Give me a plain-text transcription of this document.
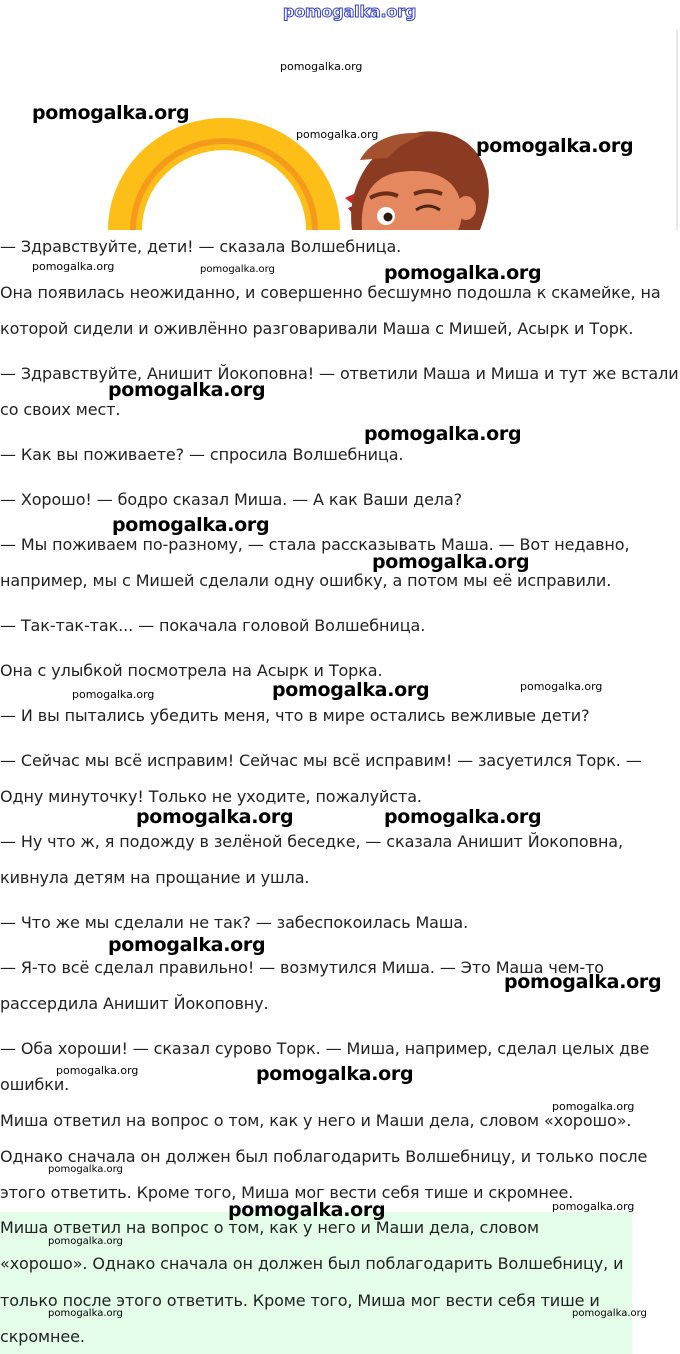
pomogalka.org
— Здравствуйте, дети! — сказала Волшебница.
Она появилась неожиданно, и совершенно бесшумно подошла к скамейке, на
которой сидели и оживлённо разговаривали Маша с Мишей, Асырк и Торк.
— Здравствуйте, Анишит Йокоповна! — ответили Маша и Миша и тут же встали
со своих мест.
— Как вы поживаете? — спросила Волшебница.
— Хорошо! — бодро сказал Миша. — А как Ваши дела?
— Мы поживаем по-разному, — стала рассказывать Маша. — Вот недавно,
например, мы с Мишей сделали одну ошибку, а потом мы её исправили.
— Так-так-так... — покачала головой Волшебница.
Она с улыбкой посмотрела на Асырк и Торка.
— И вы пытались убедить меня, что в мире остались вежливые дети?
— Сейчас мы всё исправим! Сейчас мы всё исправим! — засуетился Торк. —
Одну минуточку! Только не уходите, пожалуйста.
— Ну что ж, я подожду в зелёной беседке, — сказала Анишит Йокоповна,
кивнула детям на прощание и ушла.
— Что же мы сделали не так? — забеспокоилась Маша.
— Я-то всё сделал правильно! — возмутился Миша. — Это Маша чем-то
рассердила Анишит Йокоповну.
— Оба хороши! — сказал сурово Торк. — Миша, например, сделал целых две
ошибки.
Миша ответил на вопрос о том, как у него и Маши дела, словом «хорошо».
Однако сначала он должен был поблагодарить Волшебницу, и только после
этого ответить. Кроме того, Миша мог вести себя тише и скромнее.
Миша ответил на вопрос о том, как у него и Маши дела, словом
«хорошо». Однако сначала он должен был поблагодарить Волшебницу, и
только после этого ответить. Кроме того, Миша мог вести себя тише и
скромнее.
pomogalka.org
pomogalka.org
pomogalka.org
pomogalka.org
pomogalka.org	pomogalka.org	pomogalka.org
pomogalka.org
pomogalka.org
pomogalka.org
pomogalka.org
pomogalka.org	pomogalka.org	pomogalka.org
pomogalka.org	pomogalka.org
pomogalka.org
pomogalka.org
pomogalka.org	pomogalka.org
pomogalka.org
pomogalka.org
pomogalka.org	pomogalka.org
pomogalka.org
pomogalka.org	pomogalka.org
